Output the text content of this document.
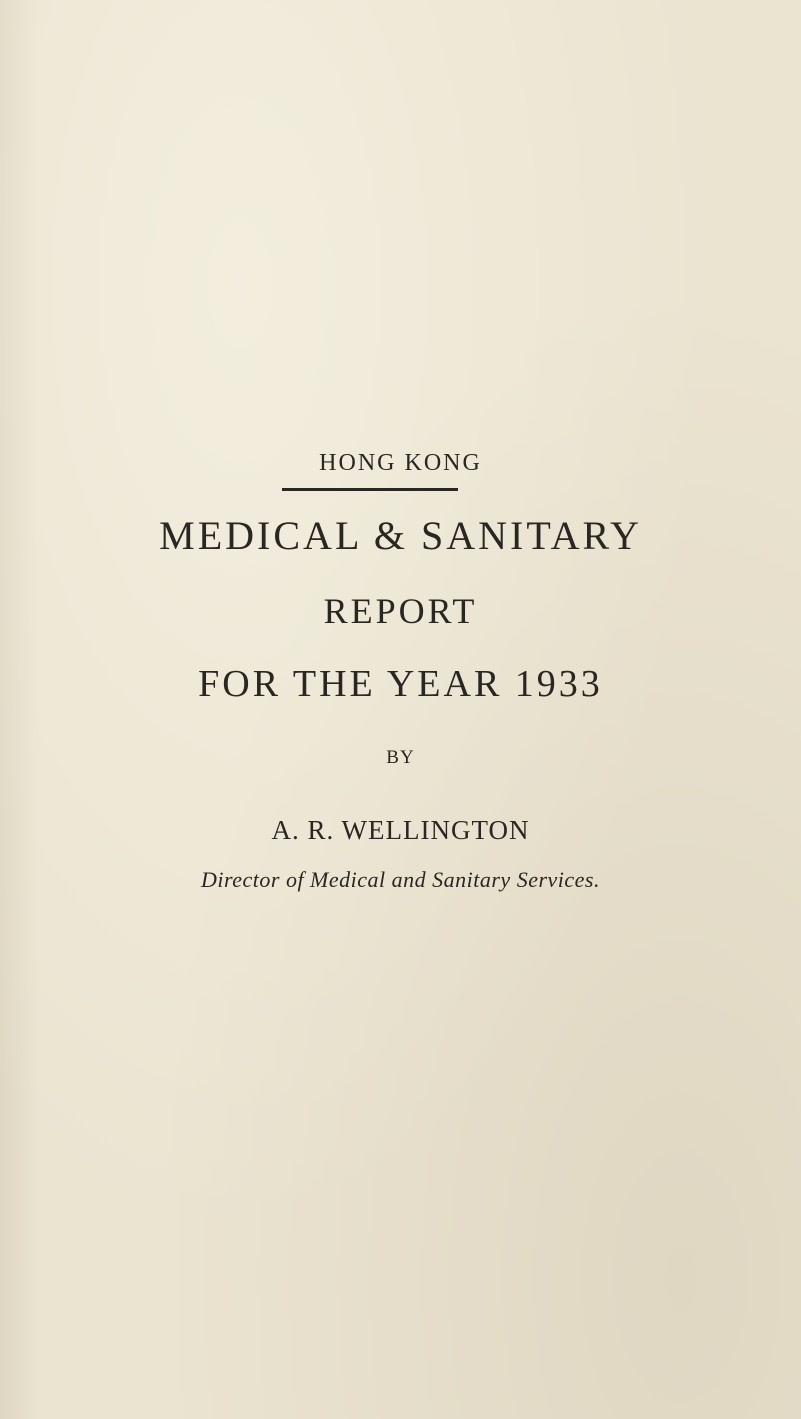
HONG KONG
MEDICAL & SANITARY
REPORT
FOR THE YEAR 1933
BY
A. R. WELLINGTON
Director of Medical and Sanitary Services.
